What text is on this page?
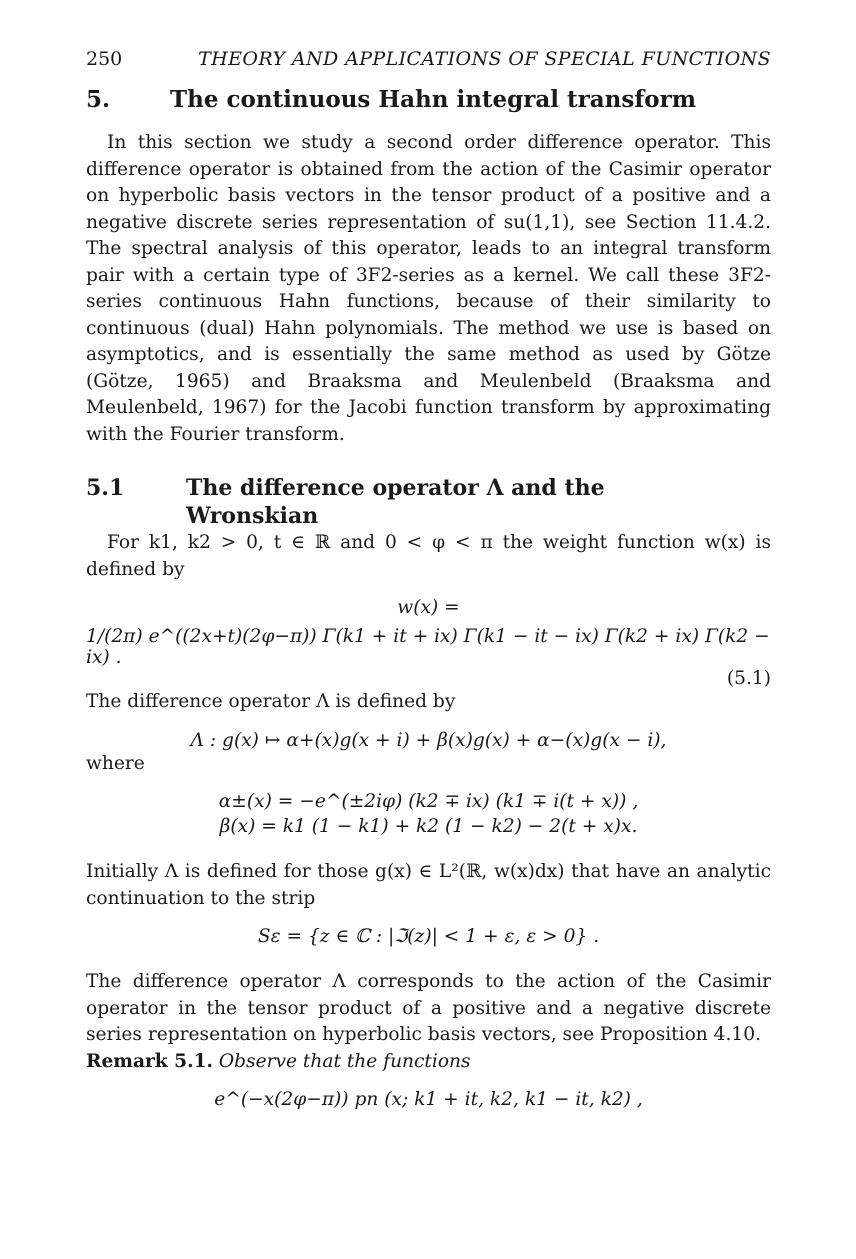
250	THEORY AND APPLICATIONS OF SPECIAL FUNCTIONS
5.	The continuous Hahn integral transform

In this section we study a second order difference operator. This difference operator is obtained from the action of the Casimir operator on hyperbolic basis vectors in the tensor product of a positive and a negative discrete series representation of su(1,1), see Section 11.4.2. The spectral analysis of this operator, leads to an integral transform pair with a certain type of 3F2-series as a kernel. We call these 3F2-series continuous Hahn functions, because of their similarity to continuous (dual) Hahn polynomials. The method we use is based on asymptotics, and is essentially the same method as used by Götze (Götze, 1965) and Braaksma and Meulenbeld (Braaksma and Meulenbeld, 1967) for the Jacobi function transform by approximating with the Fourier transform.

5.1	The difference operator Λ and the Wronskian

For k1, k2 > 0, t ∈ ℝ and 0 < φ < π the weight function w(x) is defined by

w(x) =
1/(2π) e^((2x+t)(2φ−π)) Γ(k1 + it + ix) Γ(k1 − it − ix) Γ(k2 + ix) Γ(k2 − ix) .
(5.1)

The difference operator Λ is defined by

Λ : g(x) ↦ α+(x)g(x + i) + β(x)g(x) + α−(x)g(x − i),

where

α±(x) = −e^(±2iφ) (k2 ∓ ix) (k1 ∓ i(t + x)) ,
β(x) = k1 (1 − k1) + k2 (1 − k2) − 2(t + x)x.

Initially Λ is defined for those g(x) ∈ L²(ℝ, w(x)dx) that have an analytic continuation to the strip

Sε = {z ∈ ℂ : |ℑ(z)| < 1 + ε, ε > 0} .

The difference operator Λ corresponds to the action of the Casimir operator in the tensor product of a positive and a negative discrete series representation on hyperbolic basis vectors, see Proposition 4.10.

Remark 5.1. Observe that the functions

e^(−x(2φ−π)) pn (x; k1 + it, k2, k1 − it, k2) ,
